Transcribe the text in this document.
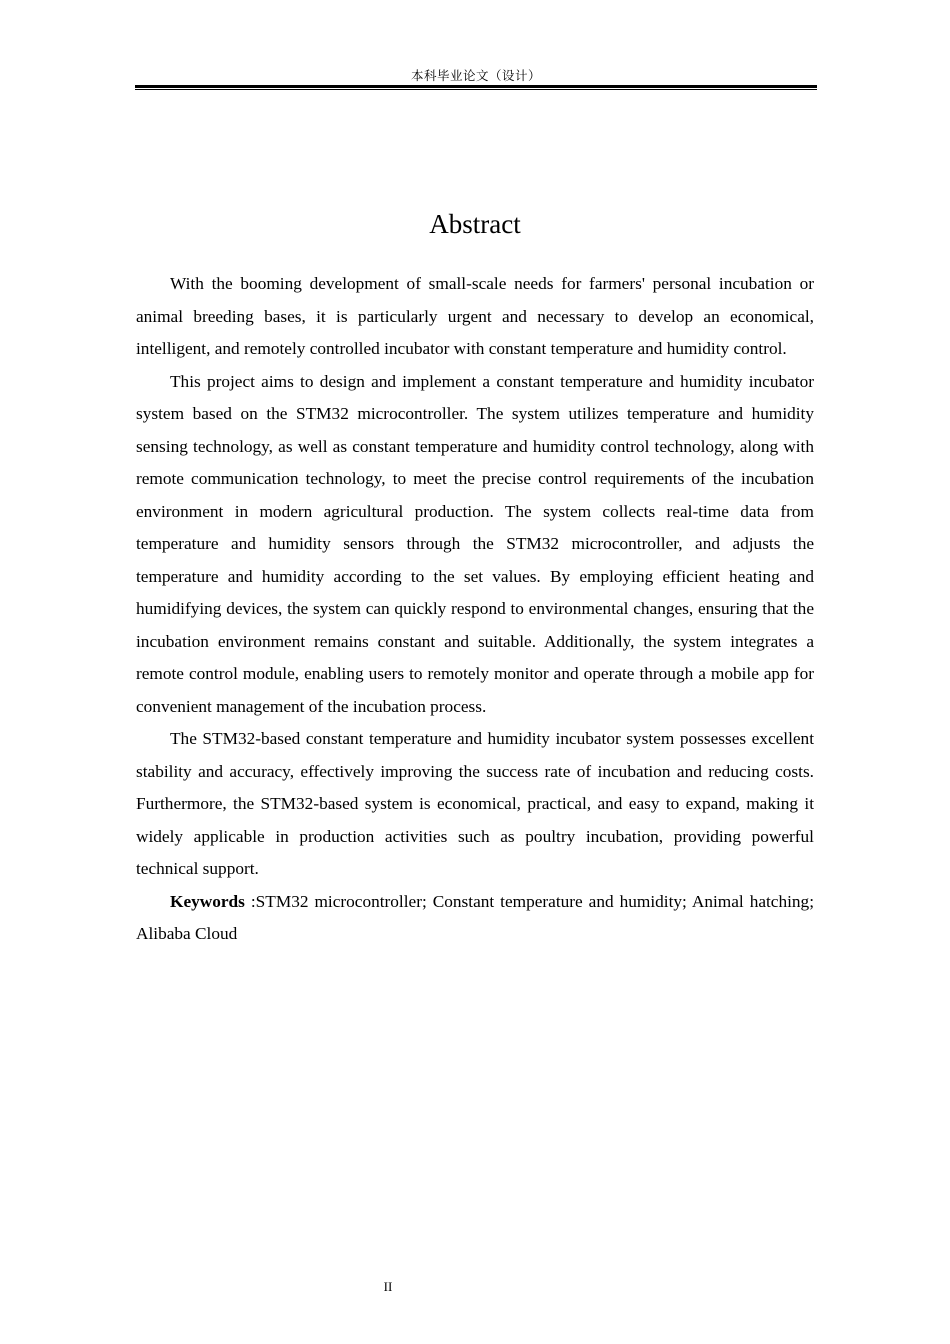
本科毕业论文（设计）
Abstract

With the booming development of small-scale needs for farmers' personal incubation or animal breeding bases, it is particularly urgent and necessary to develop an economical, intelligent, and remotely controlled incubator with constant temperature and humidity control.

This project aims to design and implement a constant temperature and humidity incubator system based on the STM32 microcontroller. The system utilizes temperature and humidity sensing technology, as well as constant temperature and humidity control technology, along with remote communication technology, to meet the precise control requirements of the incubation environment in modern agricultural production. The system collects real-time data from temperature and humidity sensors through the STM32 microcontroller, and adjusts the temperature and humidity according to the set values. By employing efficient heating and humidifying devices, the system can quickly respond to environmental changes, ensuring that the incubation environment remains constant and suitable. Additionally, the system integrates a remote control module, enabling users to remotely monitor and operate through a mobile app for convenient management of the incubation process.

The STM32-based constant temperature and humidity incubator system possesses excellent stability and accuracy, effectively improving the success rate of incubation and reducing costs. Furthermore, the STM32-based system is economical, practical, and easy to expand, making it widely applicable in production activities such as poultry incubation, providing powerful technical support.

Keywords :STM32 microcontroller; Constant temperature and humidity; Animal hatching; Alibaba Cloud

II
